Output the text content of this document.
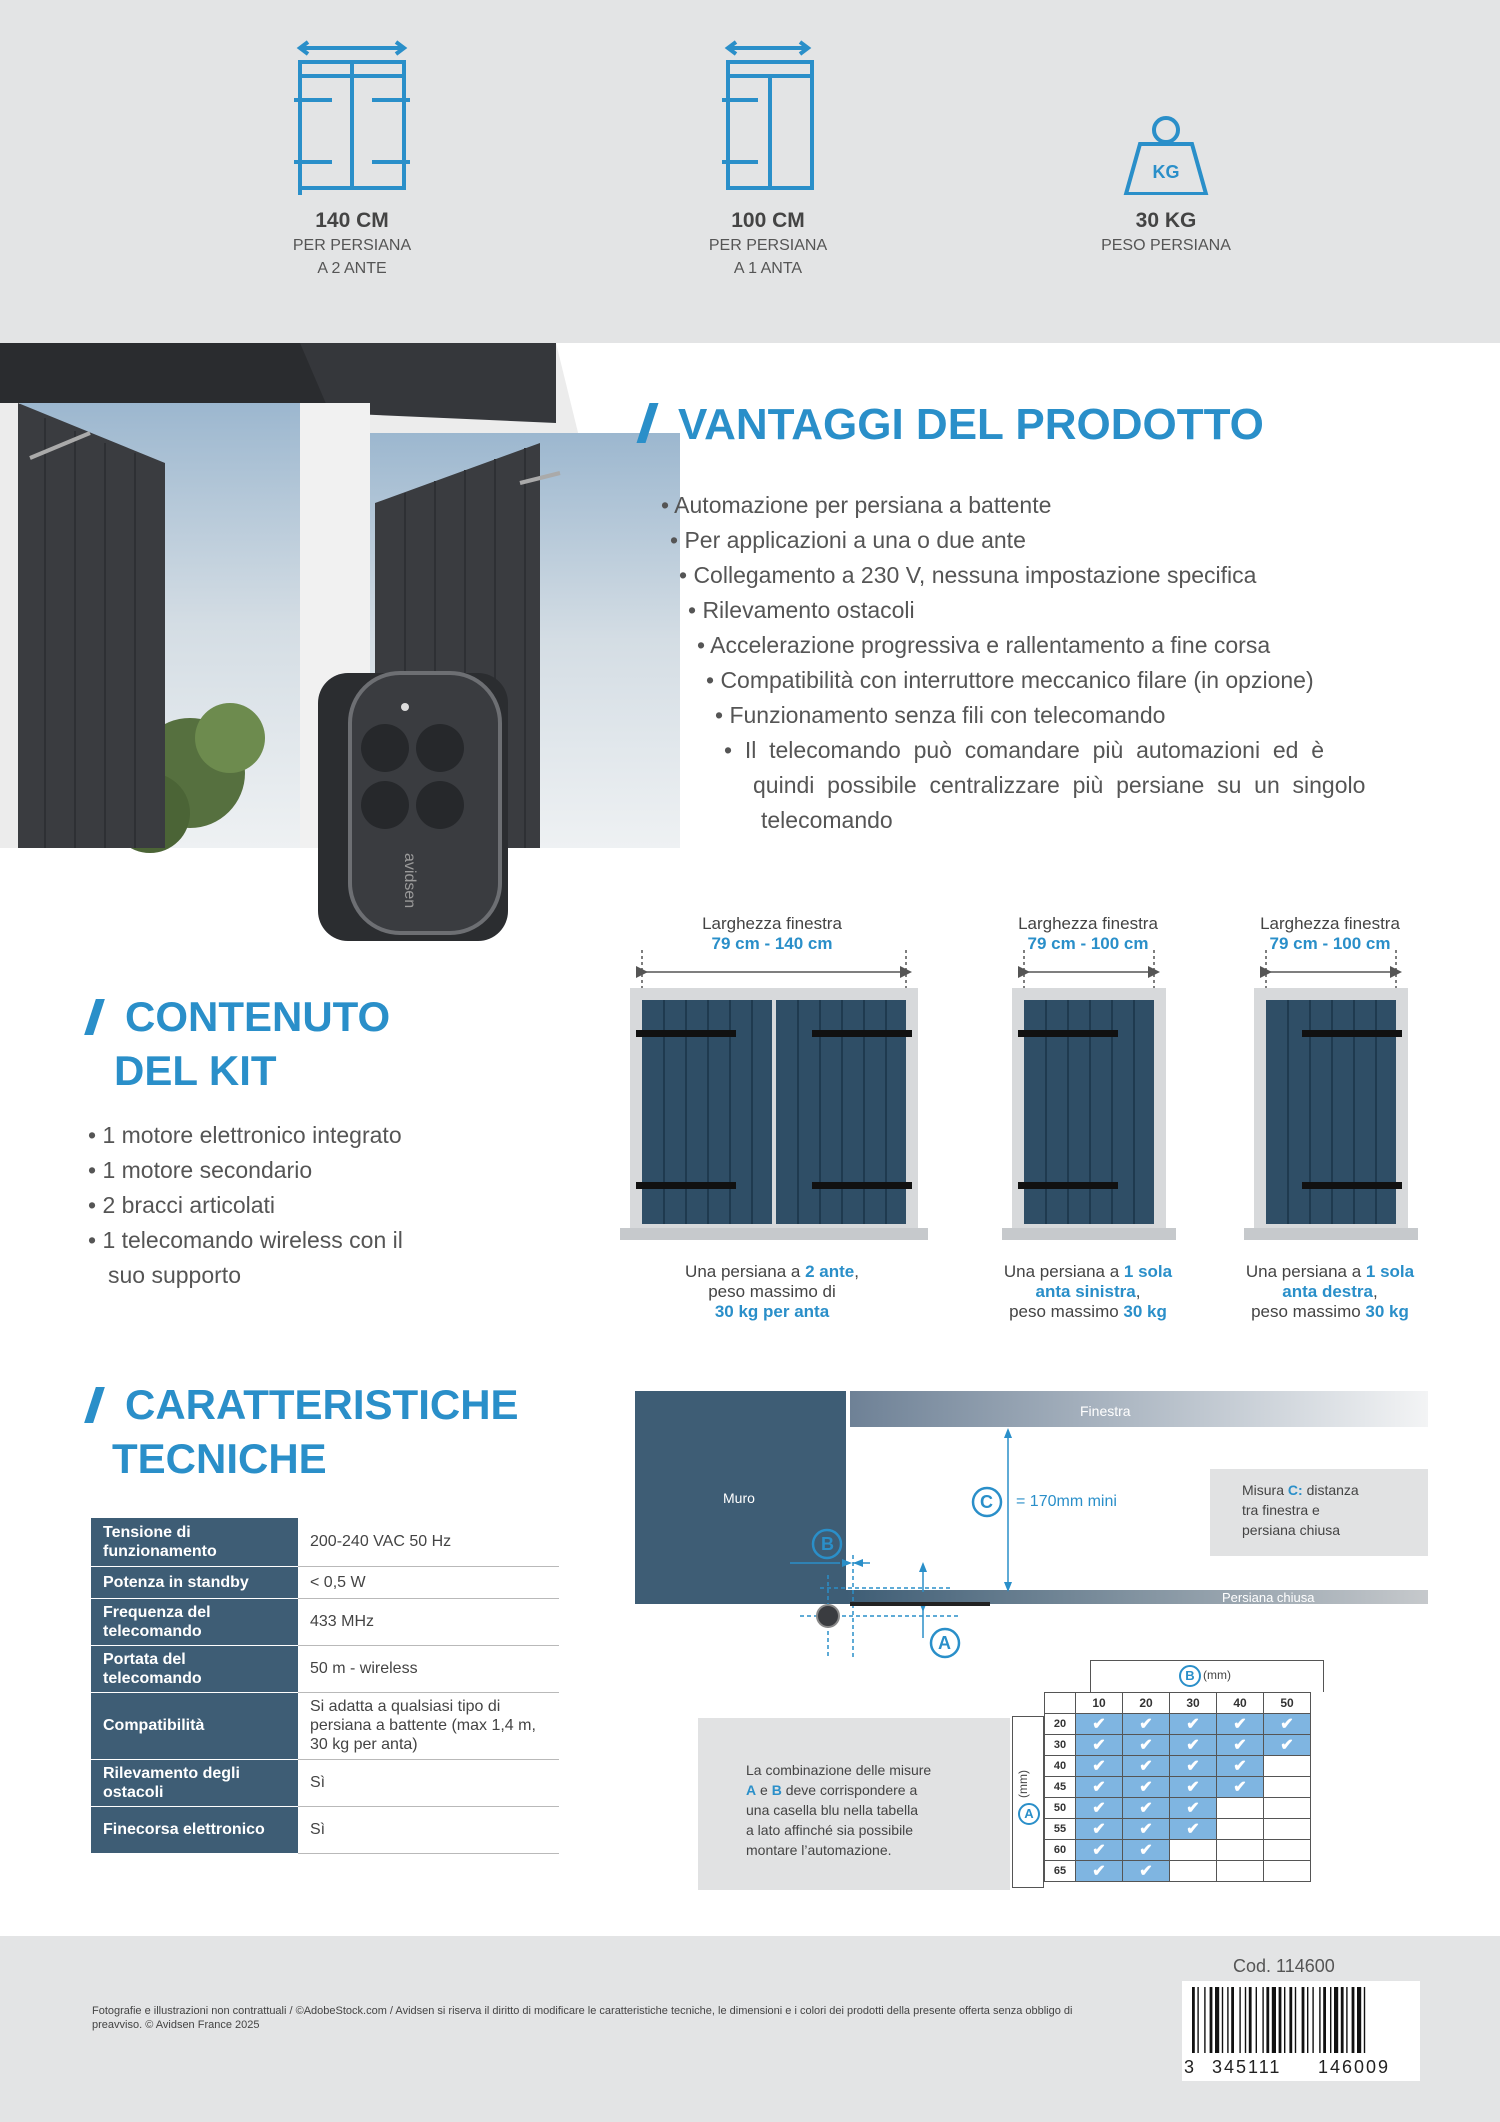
140 CM
PER PERSIANA
A 2 ANTE
100 CM
PER PERSIANA
A 1 ANTA
KG
30 KG
PESO PERSIANA
avidsen
VANTAGGI DEL PRODOTTO
• Automazione per persiana a battente
• Per applicazioni a una o due ante
• Collegamento a 230 V, nessuna impostazione specifica
• Rilevamento ostacoli
• Accelerazione progressiva e rallentamento a fine corsa
• Compatibilità con interruttore meccanico filare (in opzione)
• Funzionamento senza fili con telecomando
•  Il  telecomando  può  comandare  più  automazioni  ed  è
quindi  possibile  centralizzare  più  persiane  su  un  singolo
telecomando
CONTENUTO
DEL KIT
• 1 motore elettronico integrato
• 1 motore secondario
• 2 bracci articolati
• 1 telecomando wireless con il
suo supporto
Larghezza finestra
79 cm - 140 cm
Larghezza finestra
79 cm - 100 cm
Larghezza finestra
79 cm - 100 cm
Una persiana a 2 ante,
peso massimo di
30 kg per anta
Una persiana a 1 sola
anta sinistra,
peso massimo 30 kg
Una persiana a 1 sola
anta destra,
peso massimo 30 kg
CARATTERISTICHE
TECNICHE
Tensione di funzionamento	200-240 VAC 50 Hz
Potenza in standby	< 0,5 W
Frequenza del telecomando	433 MHz
Portata del telecomando	50 m - wireless
Compatibilità	Si adatta a qualsiasi tipo di persiana a battente (max 1,4 m, 30 kg per anta)
Rilevamento degli ostacoli	Sì
Finecorsa elettronico	Sì
Finestra
Muro	C = 170mm mini
Misura C: distanza
tra finestra e
persiana chiusa
Persiana chiusa
B
A
La combinazione delle misure
A e B deve corrispondere a
una casella blu nella tabella
a lato affinché sia possibile
montare l’automazione.
B (mm)
A
(mm)
	10	20	30	40	50
20	✔	✔	✔	✔	✔
30	✔	✔	✔	✔	✔
40	✔	✔	✔	✔	
45	✔	✔	✔	✔	
50	✔	✔	✔		
55	✔	✔	✔		
60	✔	✔			
65	✔	✔			
Cod. 114600
Fotografie e illustrazioni non contrattuali / ©AdobeStock.com / Avidsen si riserva il diritto di modificare le caratteristiche tecniche, le dimensioni e i colori dei prodotti della presente offerta senza obbligo di preavviso. © Avidsen France 2025
3 345111 146009
